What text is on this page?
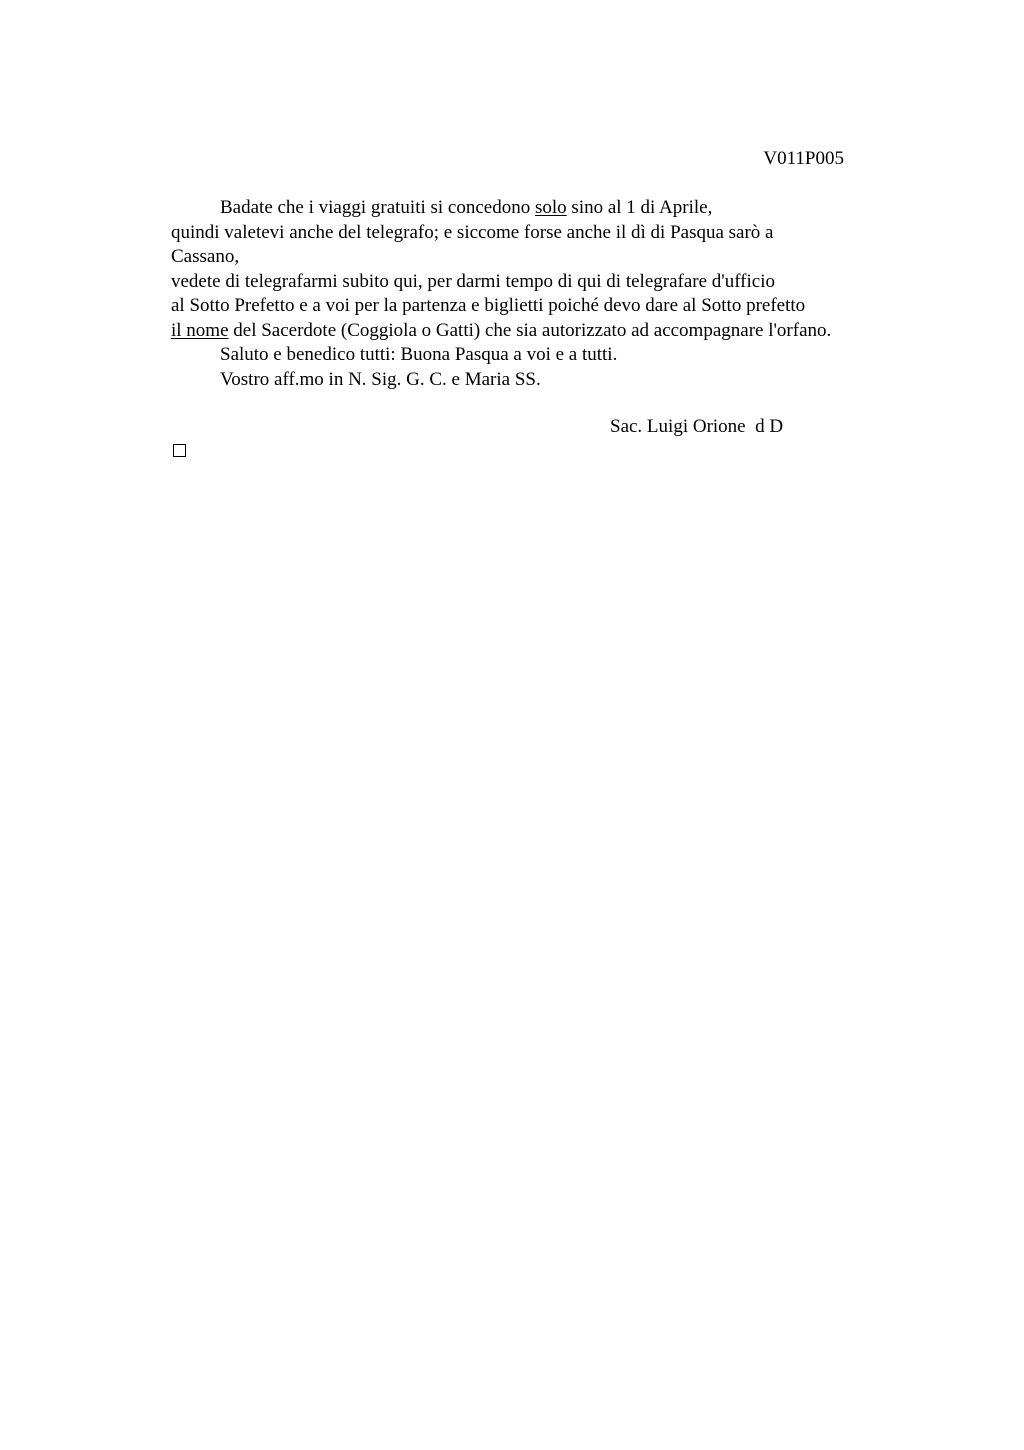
V011P005
Badate che i viaggi gratuiti si concedono solo sino al 1 di Aprile,
quindi valetevi anche del telegrafo; e siccome forse anche il dì di Pasqua sarò a
Cassano,
vedete di telegrafarmi subito qui, per darmi tempo di qui di telegrafare d'ufficio
al Sotto Prefetto e a voi per la partenza e biglietti poiché devo dare al Sotto prefetto
il nome del Sacerdote (Coggiola o Gatti) che sia autorizzato ad accompagnare l'orfano.
Saluto e benedico tutti: Buona Pasqua a voi e a tutti.
Vostro aff.mo in N. Sig. G. C. e Maria SS.
Sac. Luigi Orione  d D
